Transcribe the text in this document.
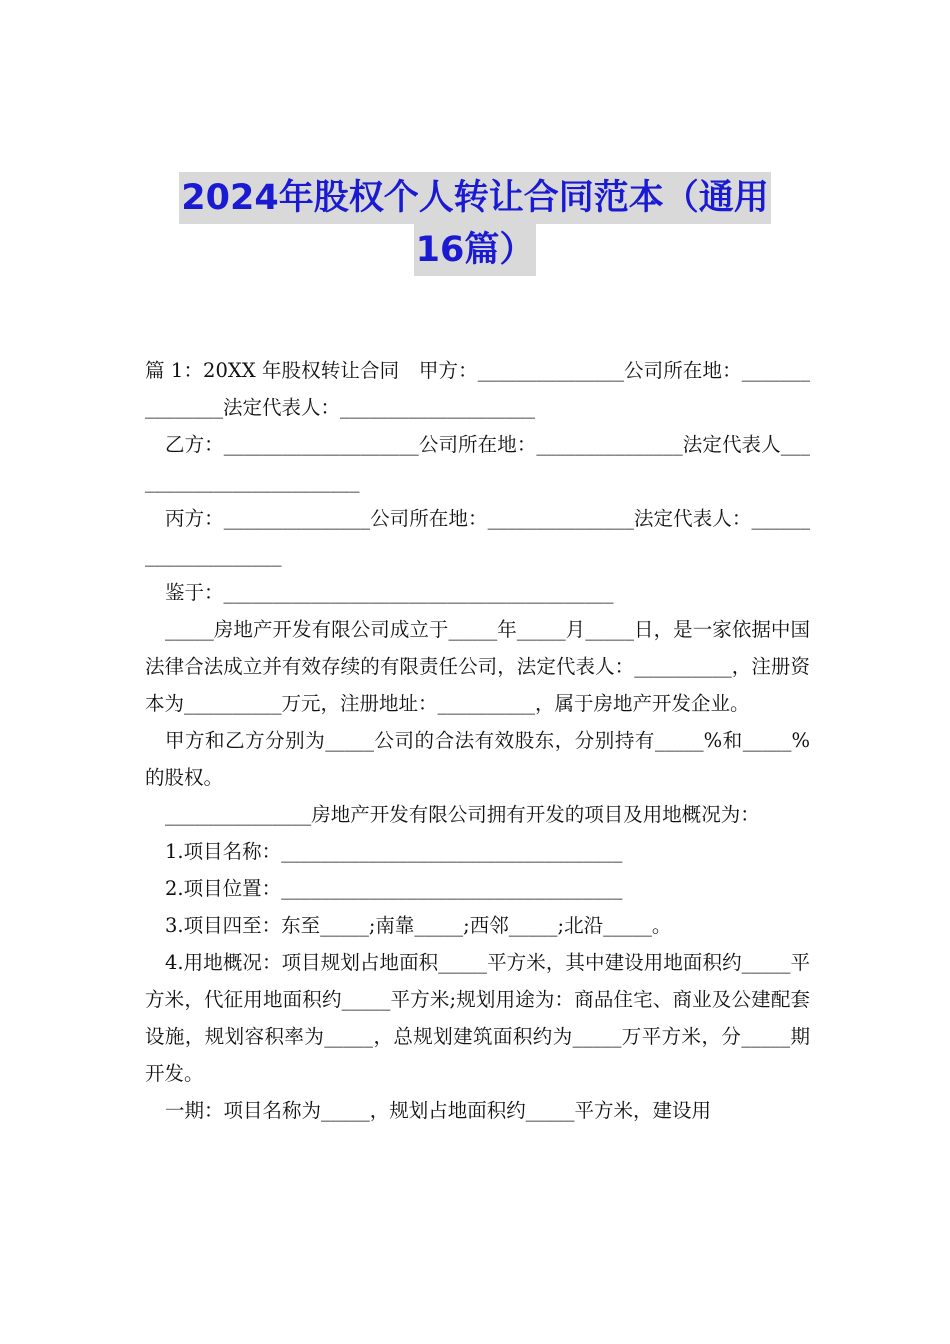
2024年股权个人转让合同范本（通用
16篇）

篇 1：20XX 年股权转让合同　甲方：_______________公司所在地：_______________法定代表人：____________________

乙方：____________________公司所在地：_______________法定代表人_________________________

丙方：_______________公司所在地：_______________法定代表人：____________________

鉴于：________________________________________

_____房地产开发有限公司成立于_____年_____月_____日，是一家依据中国法律合法成立并有效存续的有限责任公司，法定代表人：__________，注册资本为__________万元，注册地址：__________，属于房地产开发企业。

甲方和乙方分别为_____公司的合法有效股东，分别持有_____%和_____%的股权。

_______________房地产开发有限公司拥有开发的项目及用地概况为：

1.项目名称：___________________________________

2.项目位置：___________________________________

3.项目四至：东至_____;南靠_____;西邻_____;北沿_____。

4.用地概况：项目规划占地面积_____平方米，其中建设用地面积约_____平方米，代征用地面积约_____平方米;规划用途为：商品住宅、商业及公建配套设施，规划容积率为_____，总规划建筑面积约为_____万平方米，分_____期开发。

一期：项目名称为_____，规划占地面积约_____平方米，建设用
